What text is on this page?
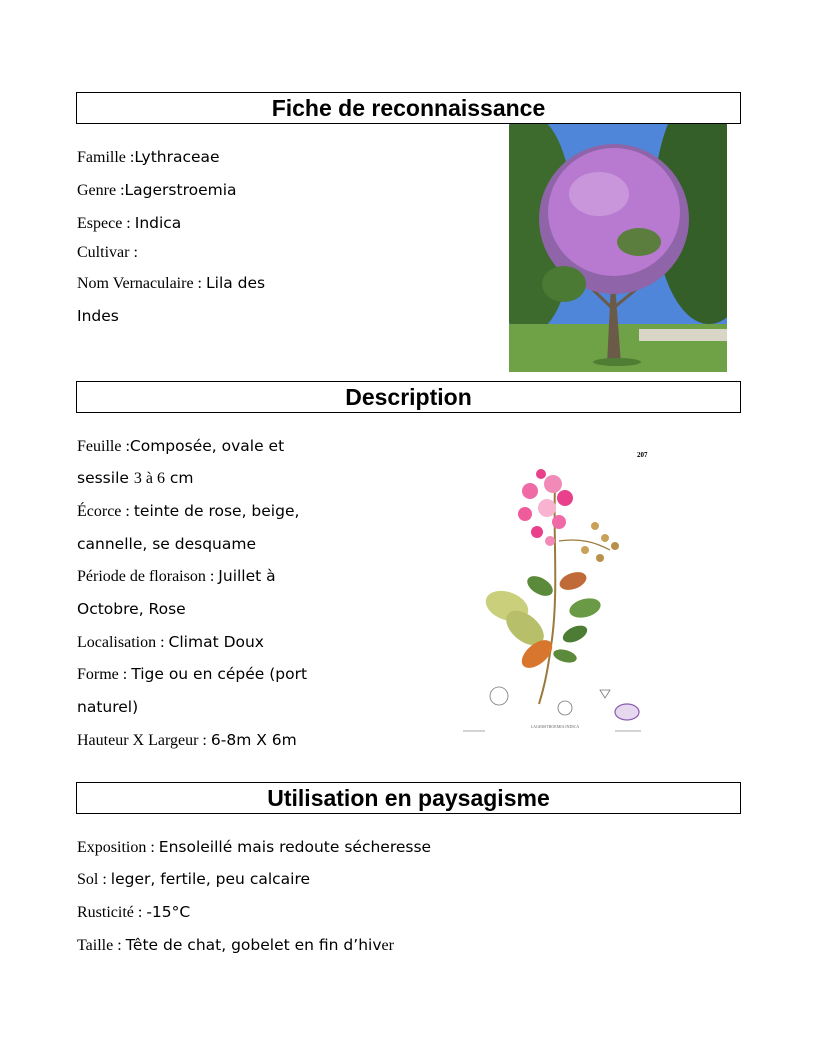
Fiche de reconnaissance
Famille :Lythraceae
Genre :Lagerstroemia
Espece : Indica
Cultivar :
Nom Vernaculaire : Lila des
Indes
Description
Feuille :Composée, ovale et
sessile 3 à 6 cm
Écorce : teinte de rose, beige,
cannelle, se desquame
Période de floraison : Juillet à
Octobre, Rose
Localisation : Climat Doux
Forme : Tige ou en cépée (port
naturel)
Hauteur X Largeur : 6-8m X 6m
207
LAGERSTROEMIA INDICA
Utilisation en paysagisme
Exposition : Ensoleillé mais redoute sécheresse
Sol : leger, fertile, peu calcaire
Rusticité : -15°C
Taille : Tête de chat, gobelet en fin d’hiver
